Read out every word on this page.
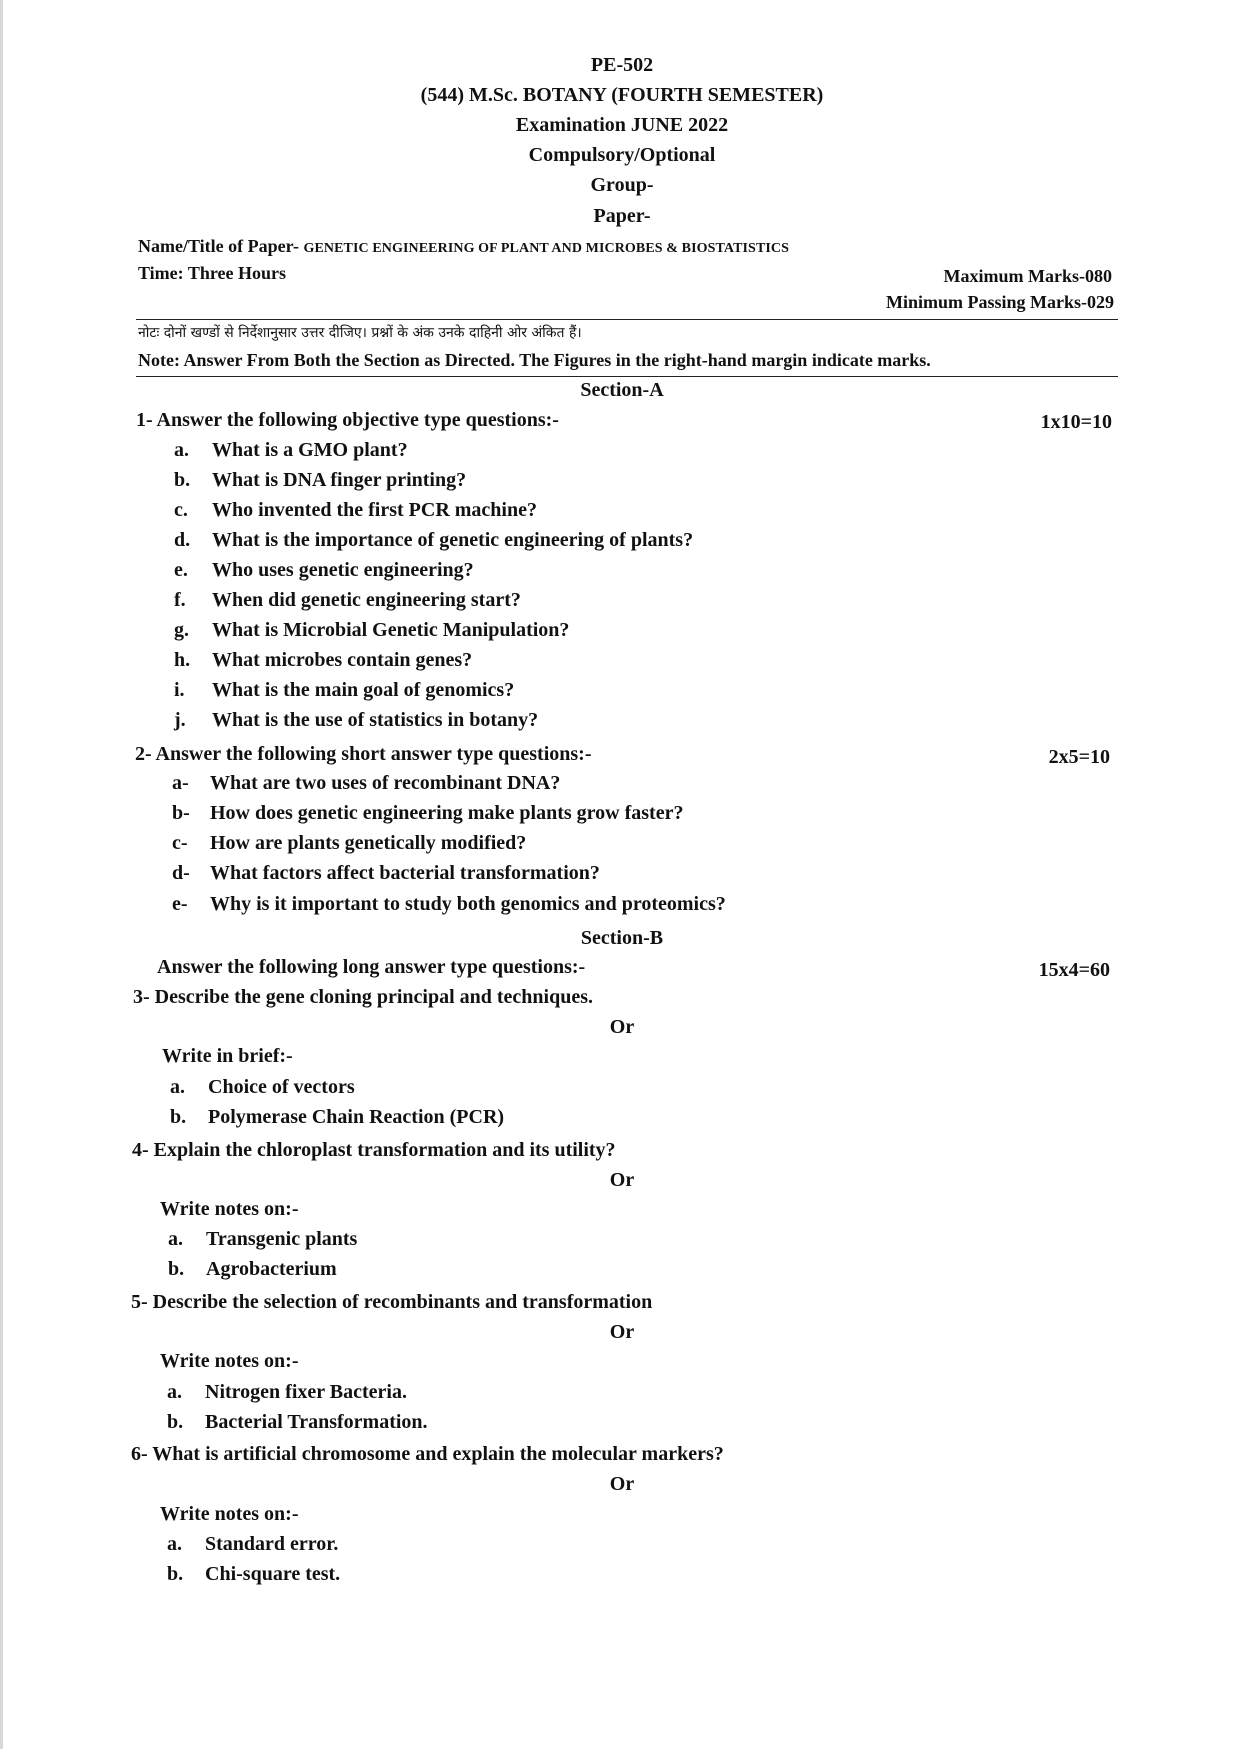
PE-502
(544) M.Sc. BOTANY (FOURTH SEMESTER)
Examination JUNE 2022
Compulsory/Optional
Group-
Paper-
Name/Title of Paper- GENETIC ENGINEERING OF PLANT AND MICROBES & BIOSTATISTICS
Time: Three Hours	Maximum Marks-080
Minimum Passing Marks-029
नोटः दोनों खण्डों से निर्देशानुसार उत्तर दीजिए। प्रश्नों के अंक उनके दाहिनी ओर अंकित हैं।
Note: Answer From Both the Section as Directed. The Figures in the right-hand margin indicate marks.
Section-A
1- Answer the following objective type questions:-	1x10=10
a. What is a GMO plant?
b. What is DNA finger printing?
c. Who invented the first PCR machine?
d. What is the importance of genetic engineering of plants?
e. Who uses genetic engineering?
f. When did genetic engineering start?
g. What is Microbial Genetic Manipulation?
h. What microbes contain genes?
i. What is the main goal of genomics?
j. What is the use of statistics in botany?
2- Answer the following short answer type questions:-	2x5=10
a- What are two uses of recombinant DNA?
b- How does genetic engineering make plants grow faster?
c- How are plants genetically modified?
d- What factors affect bacterial transformation?
e- Why is it important to study both genomics and proteomics?
Section-B
Answer the following long answer type questions:-	15x4=60
3- Describe the gene cloning principal and techniques.
Or
Write in brief:-
a. Choice of vectors
b. Polymerase Chain Reaction (PCR)
4- Explain the chloroplast transformation and its utility?
Or
Write notes on:-
a. Transgenic plants
b. Agrobacterium
5- Describe the selection of recombinants and transformation
Or
Write notes on:-
a. Nitrogen fixer Bacteria.
b. Bacterial Transformation.
6- What is artificial chromosome and explain the molecular markers?
Or
Write notes on:-
a. Standard error.
b. Chi-square test.
